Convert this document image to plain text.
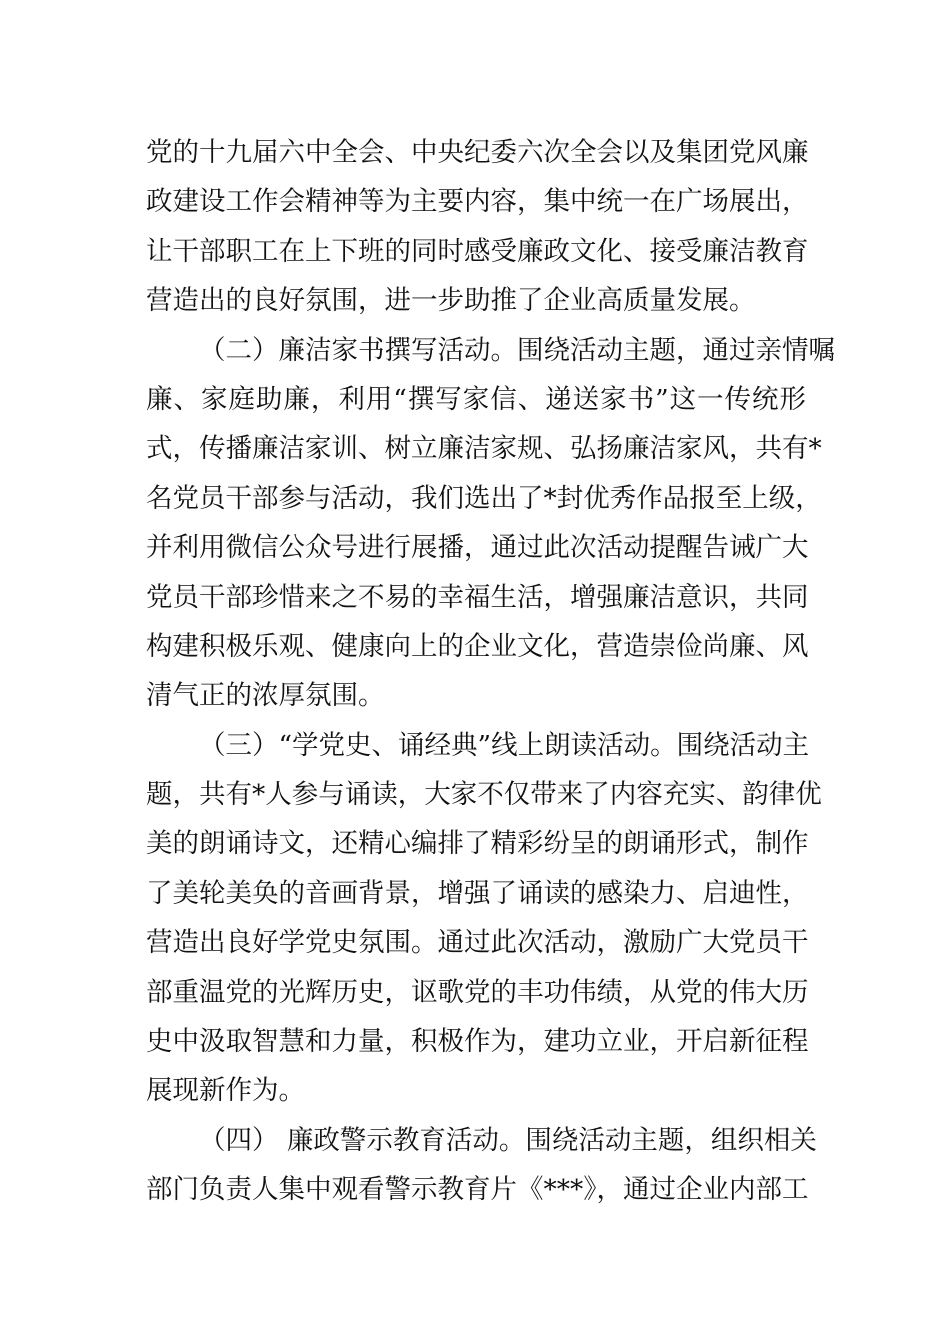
党的十九届六中全会、中央纪委六次全会以及集团党风廉
政建设工作会精神等为主要内容，集中统一在广场展出，
让干部职工在上下班的同时感受廉政文化、接受廉洁教育
营造出的良好氛围，进一步助推了企业高质量发展。
（二）廉洁家书撰写活动。围绕活动主题，通过亲情嘱
廉、家庭助廉，利用“撰写家信、递送家书”这一传统形
式，传播廉洁家训、树立廉洁家规、弘扬廉洁家风，共有*
名党员干部参与活动，我们选出了*封优秀作品报至上级，
并利用微信公众号进行展播，通过此次活动提醒告诫广大
党员干部珍惜来之不易的幸福生活，增强廉洁意识，共同
构建积极乐观、健康向上的企业文化，营造崇俭尚廉、风
清气正的浓厚氛围。
（三）“学党史、诵经典”线上朗读活动。围绕活动主
题，共有*人参与诵读，大家不仅带来了内容充实、韵律优
美的朗诵诗文，还精心编排了精彩纷呈的朗诵形式，制作
了美轮美奂的音画背景，增强了诵读的感染力、启迪性，
营造出良好学党史氛围。通过此次活动，激励广大党员干
部重温党的光辉历史，讴歌党的丰功伟绩，从党的伟大历
史中汲取智慧和力量，积极作为，建功立业，开启新征程
展现新作为。
（四） 廉政警示教育活动。围绕活动主题，组织相关
部门负责人集中观看警示教育片《***》，通过企业内部工
